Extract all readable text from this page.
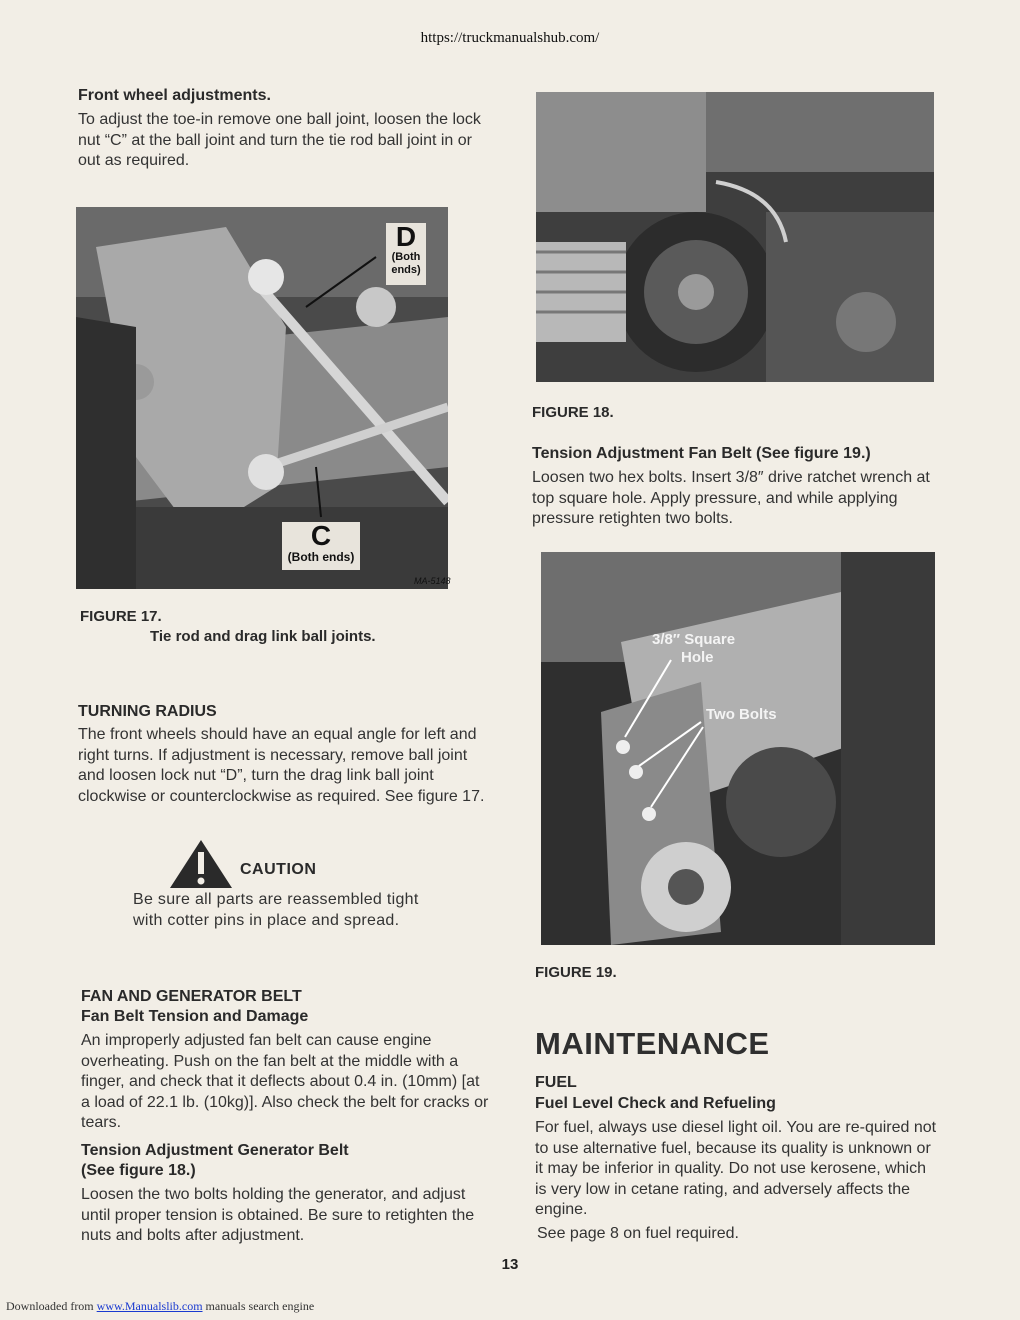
https://truckmanualshub.com/
Front wheel adjustments.
To adjust the toe-in remove one ball joint, loosen the lock nut “C” at the ball joint and turn the tie rod ball joint in or out as required.
D
(Both ends)
C
(Both ends)
MA-5148
FIGURE 17.
Tie rod and drag link ball joints.
TURNING RADIUS
The front wheels should have an equal angle for left and right turns. If adjustment is necessary, remove ball joint and loosen lock nut “D”, turn the drag link ball joint clockwise or counterclockwise as required. See figure 17.
CAUTION
Be sure all parts are reassembled tight with cotter pins in place and spread.
FAN AND GENERATOR BELT
Fan Belt Tension and Damage
An improperly adjusted fan belt can cause engine overheating. Push on the fan belt at the middle with a finger, and check that it deflects about 0.4 in. (10mm) [at a load of 22.1 lb. (10kg)]. Also check the belt for cracks or tears.
Tension Adjustment Generator Belt
(See figure 18.)
Loosen the two bolts holding the generator, and adjust until proper tension is obtained. Be sure to retighten the nuts and bolts after adjustment.
FIGURE 18.
Tension Adjustment Fan Belt (See figure 19.)
Loosen two hex bolts. Insert 3/8″ drive ratchet wrench at top square hole. Apply pressure, and while applying pressure retighten two bolts.
3/8″ Square
Hole
Two Bolts
FIGURE 19.
MAINTENANCE
FUEL
Fuel Level Check and Refueling
For fuel, always use diesel light oil. You are re-quired not to use alternative fuel, because its quality is unknown or it may be inferior in quality. Do not use kerosene, which is very low in cetane rating, and adversely affects the engine.
See page 8 on fuel required.
13
Downloaded from www.Manualslib.com manuals search engine
